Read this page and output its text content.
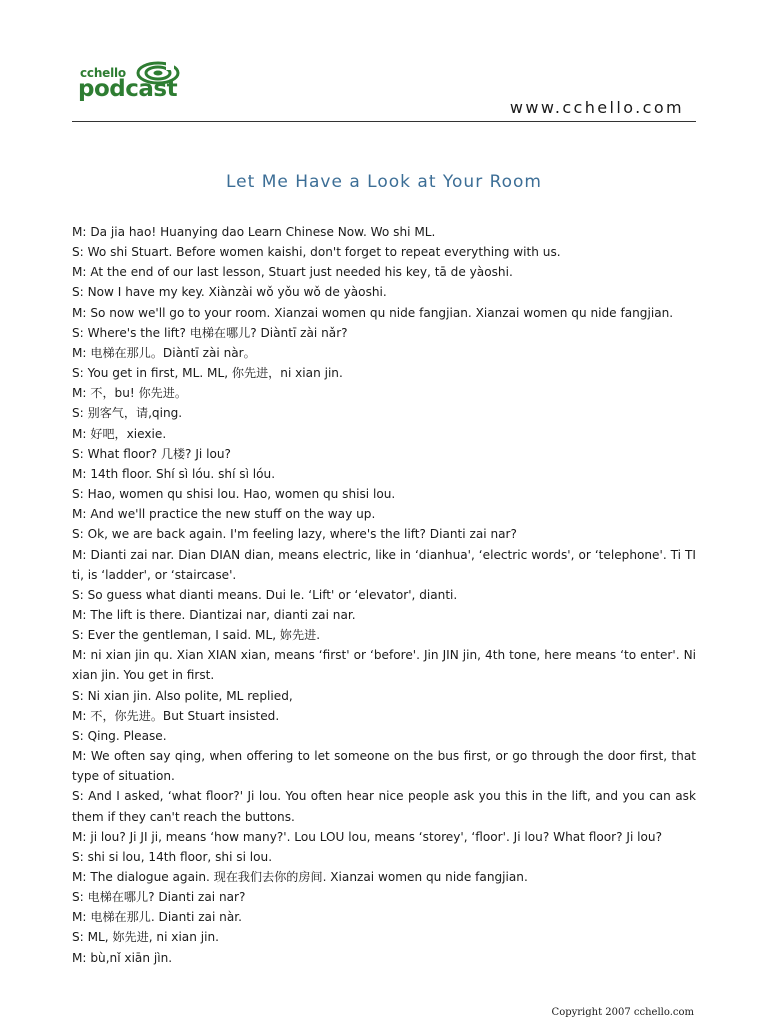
cchello
podcast
www.cchello.com
Let Me Have a Look at Your Room
M: Da jia hao! Huanying dao Learn Chinese Now. Wo shi ML.
S: Wo shi Stuart. Before women kaishi, don't forget to repeat everything with us.
M: At the end of our last lesson, Stuart just needed his key, tā de yàoshi.
S: Now I have my key. Xiànzài wǒ yǒu wǒ de yàoshi.
M: So now we'll go to your room. Xianzai women qu nide fangjian. Xianzai women qu nide fangjian.
S: Where's the lift? 电梯在哪儿? Diàntī zài nǎr?
M: 电梯在那儿。Diàntī zài nàr。
S: You get in first, ML. ML, 你先进，ni xian jin.
M: 不，bu! 你先进。
S: 别客气，请,qing.
M: 好吧，xiexie.
S: What floor? 几楼? Ji lou?
M: 14th floor. Shí sì lóu. shí sì lóu.
S: Hao, women qu shisi lou. Hao, women qu shisi lou.
M: And we'll practice the new stuff on the way up.
S: Ok, we are back again. I'm feeling lazy, where's the lift? Dianti zai nar?
M: Dianti zai nar. Dian DIAN dian, means electric, like in ‘dianhua', ‘electric words', or ‘telephone'. Ti TI ti, is ‘ladder', or ‘staircase'.
S: So guess what dianti means. Dui le. ‘Lift' or ‘elevator', dianti.
M: The lift is there. Diantizai nar, dianti zai nar.
S: Ever the gentleman, I said. ML, 妳先进.
M: ni xian jin qu. Xian XIAN xian, means ‘first' or ‘before'. Jin JIN jin, 4th tone, here means ‘to enter'. Ni xian jin. You get in first.
S: Ni xian jin. Also polite, ML replied,
M: 不，你先进。But Stuart insisted.
S: Qing. Please.
M: We often say qing, when offering to let someone on the bus first, or go through the door first, that type of situation.
S: And I asked, ‘what floor?' Ji lou. You often hear nice people ask you this in the lift, and you can ask them if they can't reach the buttons.
M: ji lou? Ji JI ji, means ‘how many?'. Lou LOU lou, means ‘storey', ‘floor'. Ji lou? What floor? Ji lou?
S: shi si lou, 14th floor, shi si lou.
M: The dialogue again. 现在我们去你的房间. Xianzai women qu nide fangjian.
S: 电梯在哪儿? Dianti zai nar?
M: 电梯在那儿. Dianti zai nàr.
S: ML, 妳先进, ni xian jin.
M: bù,nǐ xiān jìn.
Copyright 2007 cchello.com
